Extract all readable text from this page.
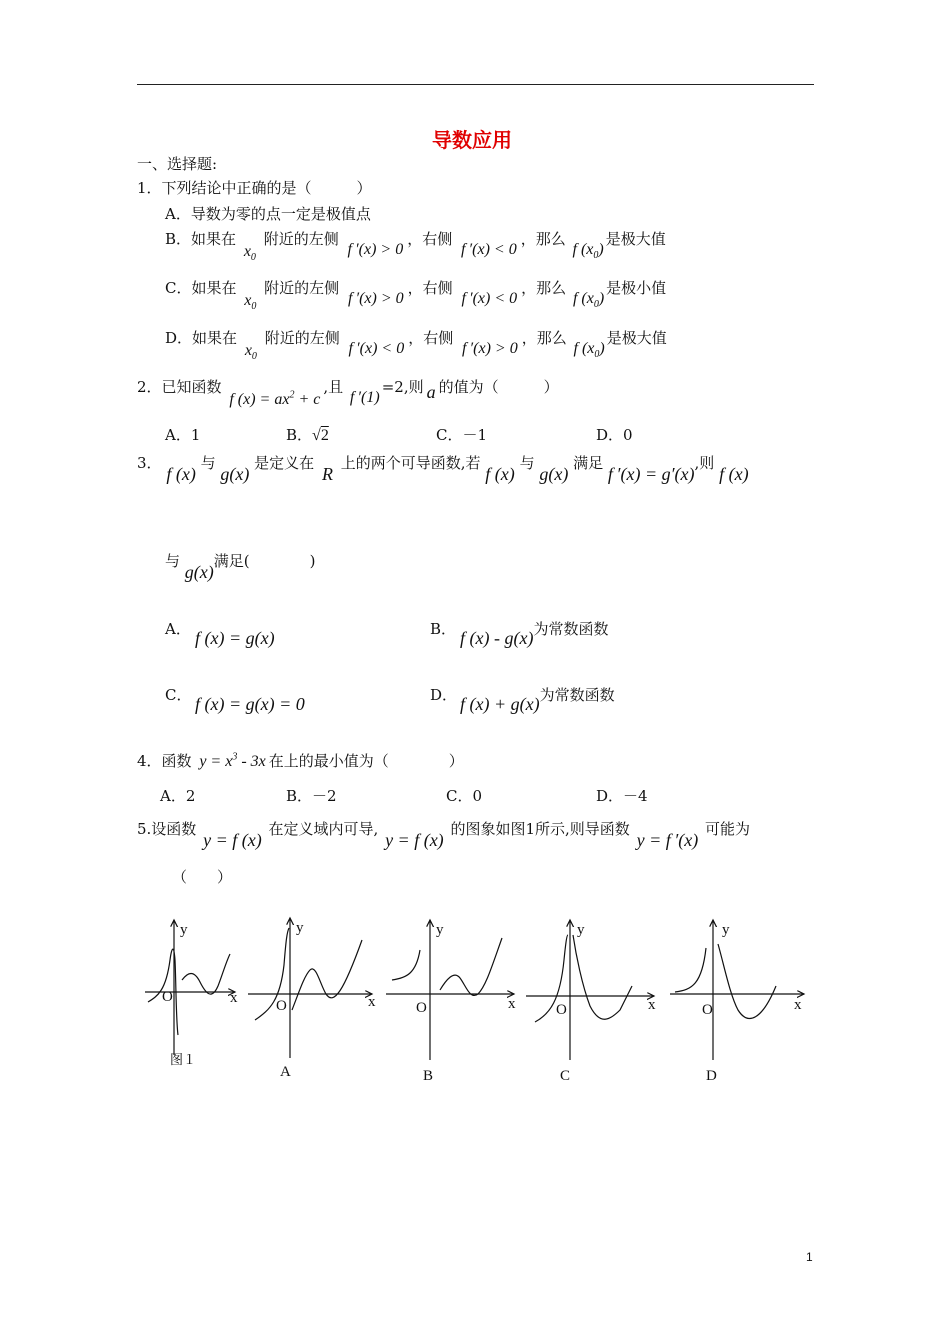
导数应用
一、选择题:
1．下列结论中正确的是（　　　）
A．导数为零的点一定是极值点
B．如果在 $x_0$ 附近的左侧 f ′(x) > 0，右侧 f ′(x) < 0，那么 f $(x_0)$是极大值
C．如果在 $x_0$ 附近的左侧 f ′(x) > 0，右侧 f ′(x) < 0，那么 f $(x_0)$是极小值
D．如果在 $x_0$ 附近的左侧 f ′(x) < 0，右侧 f ′(x) > 0，那么 f $(x_0)$是极大值
2．已知函数 f $(x) = ax^2 + c$,且 f ′(1)=2,则 a 的值为（　　　）
A．1	B．√2	C．－1	D．0
3． f (x) 与 g(x) 是定义在 R 上的两个可导函数,若 f (x) 与 g(x) 满足 f ′(x) = g′(x),则 f (x)
与 g(x)满足(　　　　)
A． f (x) = g(x)	B． f (x) - g(x)为常数函数
C． f (x) = g(x) = 0	D． f (x) + g(x)为常数函数
4．函数 $y = x^3 - 3x$ 在上的最小值为（　　　　）
A．2	B．－2	C．0	D．－4
5.设函数 y = f (x) 在定义域内可导, y = f (x) 的图象如图1所示,则导函数 y = f ′(x) 可能为
（　　）
y
x
O
图１
y
x
O
A
y
x
O
B
y
x
O
C
y
x
O
D
1
